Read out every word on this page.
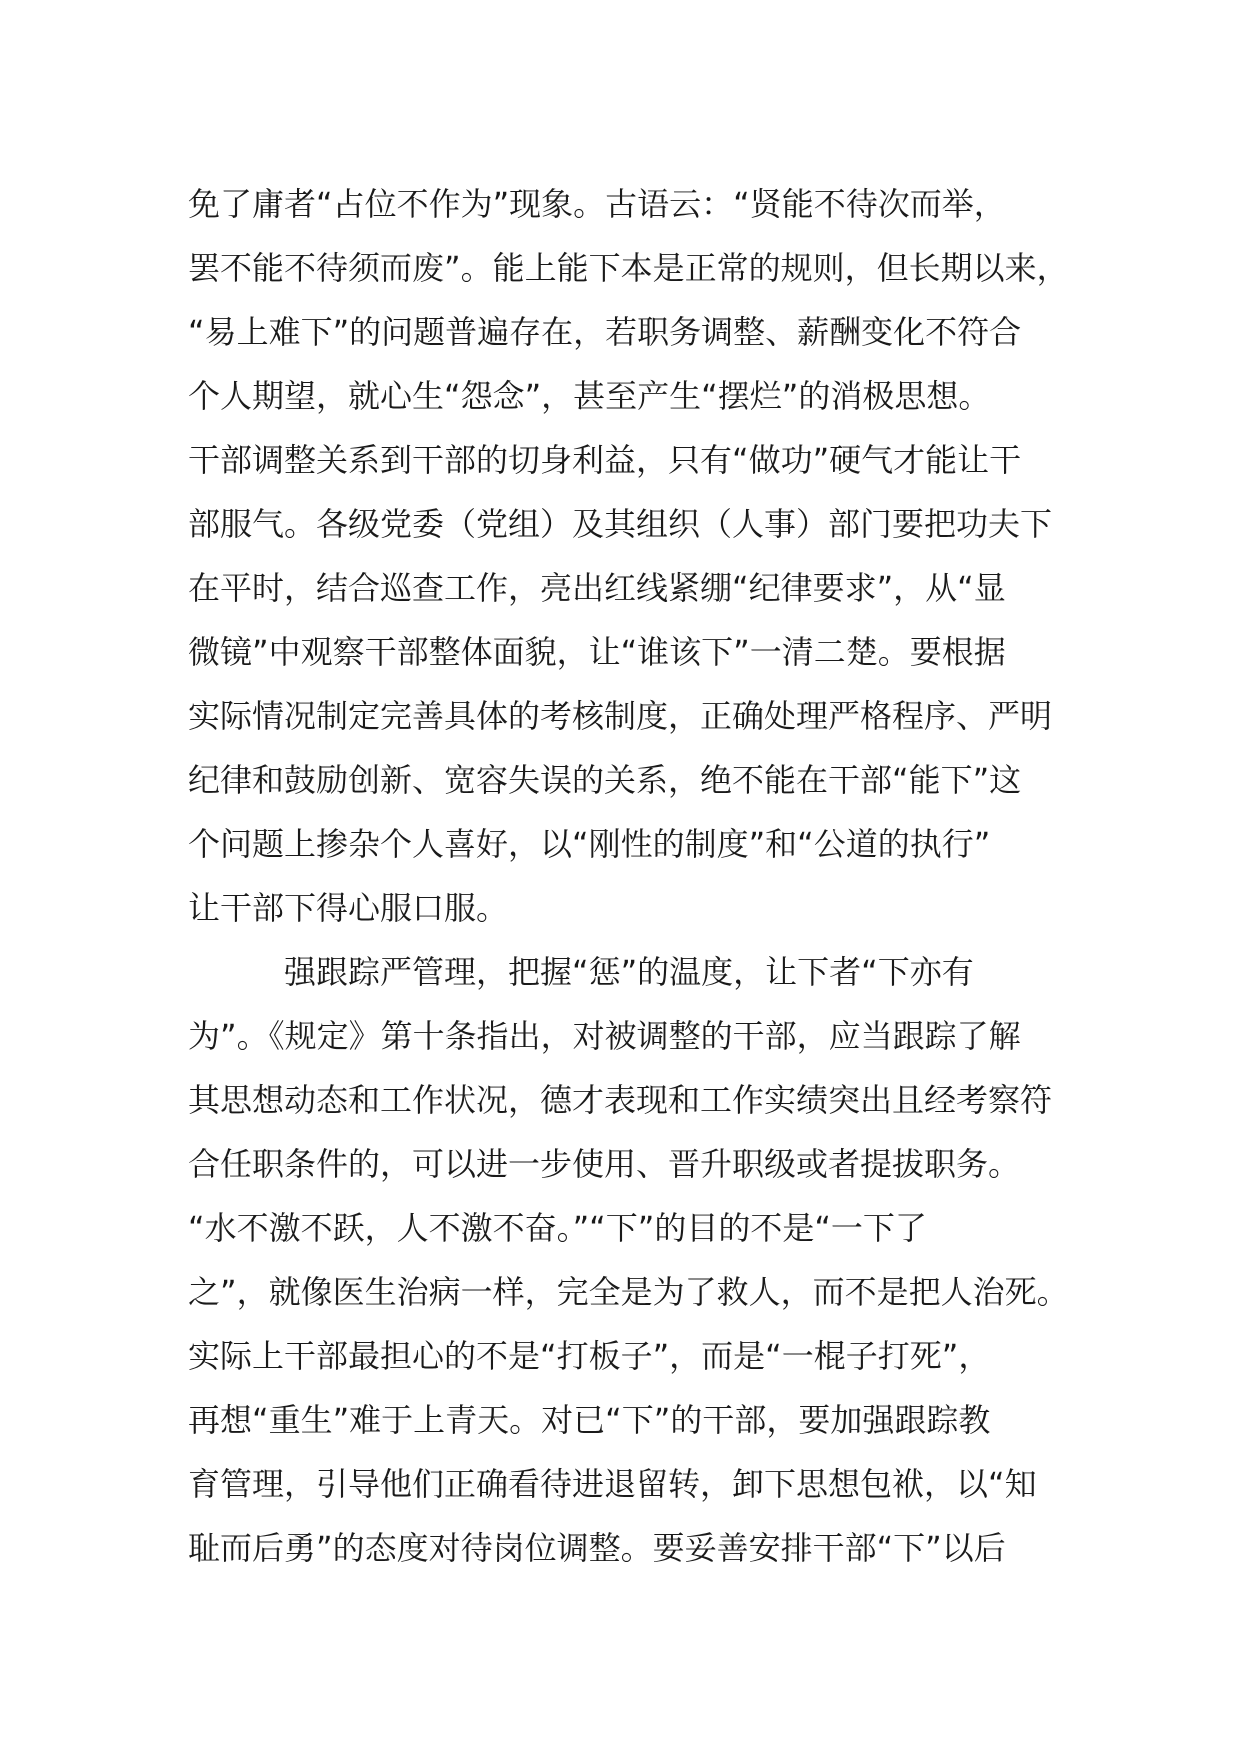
免了庸者“占位不作为”现象。古语云：“贤能不待次而举，
罢不能不待须而废”。能上能下本是正常的规则，但长期以来，
“易上难下”的问题普遍存在，若职务调整、薪酬变化不符合
个人期望，就心生“怨念”，甚至产生“摆烂”的消极思想。
干部调整关系到干部的切身利益，只有“做功”硬气才能让干
部服气。各级党委（党组）及其组织（人事）部门要把功夫下
在平时，结合巡查工作，亮出红线紧绷“纪律要求”，从“显
微镜”中观察干部整体面貌，让“谁该下”一清二楚。要根据
实际情况制定完善具体的考核制度，正确处理严格程序、严明
纪律和鼓励创新、宽容失误的关系，绝不能在干部“能下”这
个问题上掺杂个人喜好，以“刚性的制度”和“公道的执行”
让干部下得心服口服。
强跟踪严管理，把握“惩”的温度，让下者“下亦有
为”。《规定》第十条指出，对被调整的干部，应当跟踪了解
其思想动态和工作状况，德才表现和工作实绩突出且经考察符
合任职条件的，可以进一步使用、晋升职级或者提拔职务。
“水不激不跃，人不激不奋。”“下”的目的不是“一下了
之”，就像医生治病一样，完全是为了救人，而不是把人治死。
实际上干部最担心的不是“打板子”，而是“一棍子打死”，
再想“重生”难于上青天。对已“下”的干部，要加强跟踪教
育管理，引导他们正确看待进退留转，卸下思想包袱，以“知
耻而后勇”的态度对待岗位调整。要妥善安排干部“下”以后
